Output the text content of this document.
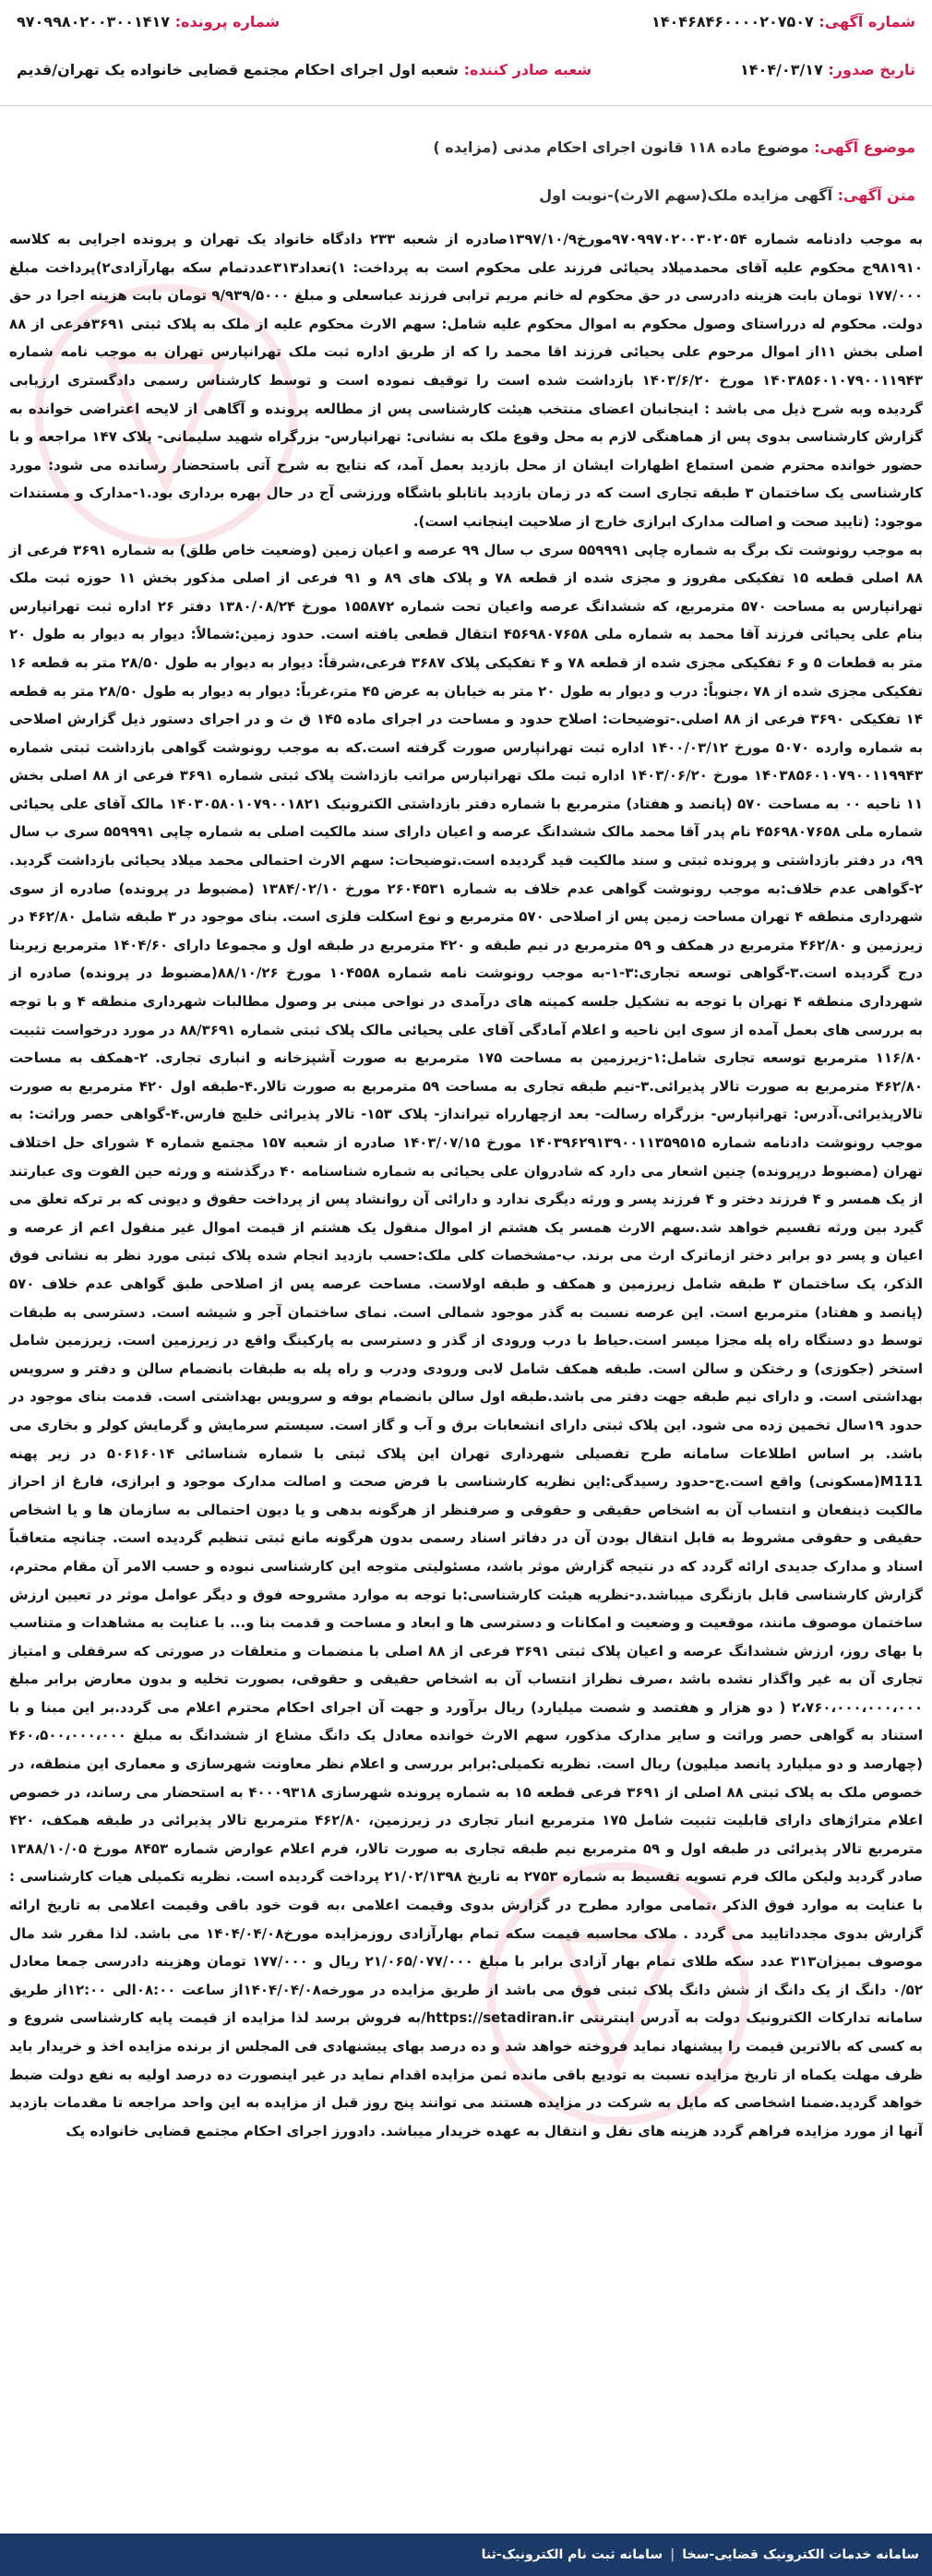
شماره آگهی: ۱۴۰۴۶۸۴۶۰۰۰۰۲۰۷۵۰۷
شماره پرونده: ۹۷۰۹۹۸۰۲۰۰۳۰۰۱۴۱۷
تاریخ صدور: ۱۴۰۴/۰۳/۱۷
شعبه صادر کننده: شعبه اول اجرای احکام مجتمع قضایی خانواده یک تهران/قدیم
موضوع آگهی: موضوع ماده ۱۱۸ قانون اجرای احکام مدنی (مزایده )
متن آگهی: آگهی مزایده ملک(سهم الارث)-نوبت اول

به موجب دادنامه شماره ۹۷۰۹۹۷۰۲۰۰۳۰۲۰۵۴مورخ۱۳۹۷/۱۰/۹صادره از شعبه ۲۳۳ دادگاه خانواد یک تهران و پرونده اجرایی به کلاسه ۹۸۱۹۱۰ج محکوم علیه آقای محمدمیلاد یحیائی فرزند علی محکوم است به پرداخت: ۱)تعداد۳۱۳عددتمام سکه بهارآزادی۲)پرداخت مبلغ ۱۷۷/۰۰۰ تومان بابت هزینه دادرسی در حق محکوم له خانم مریم ترابی فرزند عباسعلی و مبلغ ۹/۹۳۹/۵۰۰۰ تومان بابت هزینه اجرا در حق دولت. محکوم له درراستای وصول محکوم به اموال محکوم علیه شامل: سهم الارث محکوم علیه از ملک به پلاک ثبتی ۳۶۹۱فرعی از ۸۸ اصلی بخش ۱۱از اموال مرحوم علی یحیائی فرزند اقا محمد را که از طریق اداره ثبت ملک تهرانپارس تهران به موجب نامه شماره ۱۴۰۳۸۵۶۰۱۰۷۹۰۰۱۱۹۴۳ مورخ ۱۴۰۳/۶/۲۰ بازداشت شده است را توقیف نموده است و توسط کارشناس رسمی دادگستری ارزیابی گردیده وبه شرح ذیل می باشد : اینجانبان اعضای منتخب هیئت کارشناسی پس از مطالعه پرونده و آگاهی از لایحه اعتراضی خوانده به گزارش کارشناسی بدوی پس از هماهنگی لازم به محل وقوع ملک به نشانی: تهرانپارس- بزرگراه شهید سلیمانی- پلاک ۱۴۷ مراجعه و با حضور خوانده محترم ضمن استماع اظهارات ایشان از محل بازدید بعمل آمد، که نتایج به شرح آتی باستحضار رسانده می شود: مورد کارشناسی یک ساختمان ۳ طبقه تجاری است که در زمان بازدید باتابلو باشگاه ورزشی آج در حال بهره برداری بود.۱-مدارک و مستندات موجود: (تایید صحت و اصالت مدارک ابرازی خارج از صلاحیت اینجانب است).

به موجب رونوشت تک برگ به شماره چاپی ۵۵۹۹۹۱ سری ب سال ۹۹ عرصه و اعیان زمین (وضعیت خاص طلق) به شماره ۳۶۹۱ فرعی از ۸۸ اصلی قطعه ۱۵ تفکیکی مفروز و مجزی شده از قطعه ۷۸ و پلاک های ۸۹ و ۹۱ فرعی از اصلی مذکور بخش ۱۱ حوزه ثبت ملک تهرانپارس به مساحت ۵۷۰ مترمربع، که ششدانگ عرصه واعیان تحت شماره ۱۵۵۸۷۲ مورخ ۱۳۸۰/۰۸/۲۴ دفتر ۲۶ اداره ثبت تهرانپارس بنام علی یحیائی فرزند آقا محمد به شماره ملی ۴۵۶۹۸۰۷۶۵۸ انتقال قطعی یافته است. حدود زمین:شمالاً: دیوار به دیوار به طول ۲۰ متر به قطعات ۵ و ۶ تفکیکی مجزی شده از قطعه ۷۸ و ۴ تفکیکی پلاک ۳۶۸۷ فرعی،شرقاً: دیوار به دیوار به طول ۲۸/۵۰ متر به قطعه ۱۶ تفکیکی مجزی شده از ۷۸ ،جنوباً: درب و دیوار به طول ۲۰ متر به خیابان به عرض ۴۵ متر،غرباً: دیوار به دیوار به طول ۲۸/۵۰ متر به قطعه ۱۴ تفکیکی ۳۶۹۰ فرعی از ۸۸ اصلی.-توضیحات: اصلاح حدود و مساحت در اجرای ماده ۱۴۵ ق ث و در اجرای دستور ذیل گزارش اصلاحی به شماره وارده ۵۰۷۰ مورخ ۱۴۰۰/۰۳/۱۲ اداره ثبت تهرانپارس صورت گرفته است.که به موجب رونوشت گواهی بازداشت ثبتی شماره ۱۴۰۳۸۵۶۰۱۰۷۹۰۰۱۱۹۹۴۳ مورخ ۱۴۰۳/۰۶/۲۰ اداره ثبت ملک تهرانپارس مراتب بازداشت پلاک ثبتی شماره ۳۶۹۱ فرعی از ۸۸ اصلی بخش ۱۱ ناحیه ۰۰ به مساحت ۵۷۰ (پانصد و هفتاد) مترمربع با شماره دفتر بازداشتی الکترونیک ۱۴۰۳۰۵۸۰۱۰۷۹۰۰۱۸۲۱ مالک آقای علی یحیائی شماره ملی ۴۵۶۹۸۰۷۶۵۸ نام پدر آقا محمد مالک ششدانگ عرصه و اعیان دارای سند مالکیت اصلی به شماره چاپی ۵۵۹۹۹۱ سری ب سال ۹۹، در دفتر بازداشتی و پرونده ثبتی و سند مالکیت قید گردیده است.توضیحات: سهم الارث احتمالی محمد میلاد یحیائی بازداشت گردید. ۲-گواهی عدم خلاف:به موجب رونوشت گواهی عدم خلاف به شماره ۲۶۰۴۵۳۱ مورخ ۱۳۸۴/۰۲/۱۰ (مضبوط در پرونده) صادره از سوی شهرداری منطقه ۴ تهران مساحت زمین پس از اصلاحی ۵۷۰ مترمربع و نوع اسکلت فلزی است. بنای موجود در ۳ طبقه شامل ۴۶۲/۸۰ در زیرزمین و ۴۶۲/۸۰ مترمربع در همکف و ۵۹ مترمربع در نیم طبقه و ۴۲۰ مترمربع در طبقه اول و مجموعا دارای ۱۴۰۴/۶۰ مترمربع زیربنا درج گردیده است.۳-گواهی توسعه تجاری:۳-۱-به موجب رونوشت نامه شماره ۱۰۴۵۵۸ مورخ ۸۸/۱۰/۲۶(مضبوط در پرونده) صادره از شهرداری منطقه ۴ تهران با توجه به تشکیل جلسه کمیته های درآمدی در نواحی مبنی بر وصول مطالبات شهرداری منطقه ۴ و با توجه به بررسی های بعمل آمده از سوی این ناحیه و اعلام آمادگی آقای علی یحیائی مالک پلاک ثبتی شماره ۸۸/۳۶۹۱ در مورد درخواست تثبیت ۱۱۶/۸۰ مترمربع توسعه تجاری شامل:۱-زیرزمین به مساحت ۱۷۵ مترمربع به صورت آشپزخانه و انباری تجاری. ۲-همکف به مساحت ۴۶۲/۸۰ مترمربع به صورت تالار پذیرائی.۳-نیم طبقه تجاری به مساحت ۵۹ مترمربع به صورت تالار.۴-طبقه اول ۴۲۰ مترمربع به صورت تالارپذیرائی.آدرس: تهرانپارس- بزرگراه رسالت- بعد ازچهارراه تیرانداز- پلاک ۱۵۳- تالار پذیرائی خلیج فارس.۴-گواهی حصر وراثت: به موجب رونوشت دادنامه شماره ۱۴۰۳۹۶۲۹۱۳۹۰۰۱۱۳۵۹۵۱۵ مورخ ۱۴۰۳/۰۷/۱۵ صادره از شعبه ۱۵۷ مجتمع شماره ۴ شورای حل اختلاف تهران (مضبوط درپرونده) چنین اشعار می دارد که شادروان علی یحیائی به شماره شناسنامه ۴۰ درگذشته و ورثه حین الفوت وی عبارتند از یک همسر و ۴ فرزند دختر و ۴ فرزند پسر و ورثه دیگری ندارد و دارائی آن روانشاد پس از پرداخت حقوق و دیونی که بر ترکه تعلق می گیرد بین ورثه تقسیم خواهد شد.سهم الارث همسر یک هشتم از اموال منقول یک هشتم از قیمت اموال غیر منقول اعم از عرصه و اعیان و پسر دو برابر دختر ازماترک ارث می برند. ب-مشخصات کلی ملک:حسب بازدید انجام شده پلاک ثبتی مورد نظر به نشانی فوق الذکر، یک ساختمان ۳ طبقه شامل زیرزمین و همکف و طبقه اولاست. مساحت عرصه پس از اصلاحی طبق گواهی عدم خلاف ۵۷۰ (پانصد و هفتاد) مترمربع است. این عرصه نسبت به گذر موجود شمالی است. نمای ساختمان آجر و شیشه است. دسترسی به طبقات توسط دو دستگاه راه پله مجزا میسر است.حیاط با درب ورودی از گذر و دسترسی به پارکینگ واقع در زیرزمین است. زیرزمین شامل استخر (جکوزی) و رختکن و سالن است. طبقه همکف شامل لابی ورودی ودرب و راه پله به طبقات بانضمام سالن و دفتر و سرویس بهداشتی است. و دارای نیم طبقه جهت دفتر می باشد.طبقه اول سالن بانضمام بوفه و سرویس بهداشتی است. قدمت بنای موجود در حدود ۱۹سال تخمین زده می شود. این پلاک ثبتی دارای انشعابات برق و آب و گاز است. سیستم سرمایش و گرمایش کولر و بخاری می باشد. بر اساس اطلاعات سامانه طرح تفصیلی شهرداری تهران این پلاک ثبتی با شماره شناسائی ۵۰۶۱۶۰۱۴ در زیر پهنه M111(مسکونی) واقع است.ج-حدود رسیدگی:این نظریه کارشناسی با فرض صحت و اصالت مدارک موجود و ابرازی، فارغ از احراز مالکیت ذینفعان و انتساب آن به اشخاص حقیقی و حقوقی و صرفنظر از هرگونه بدهی و یا دیون احتمالی به سازمان ها و یا اشخاص حقیقی و حقوقی مشروط به قابل انتقال بودن آن در دفاتر اسناد رسمی بدون هرگونه مانع ثبتی تنظیم گردیده است. چنانچه متعاقباً اسناد و مدارک جدیدی ارائه گردد که در نتیجه گزارش موثر باشد، مسئولیتی متوجه این کارشناسی نبوده و حسب الامر آن مقام محترم، گزارش کارشناسی قابل بازنگری میباشد.د-نظریه هیئت کارشناسی:با توجه به موارد مشروحه فوق و دیگر عوامل موثر در تعیین ارزش ساختمان موصوف مانند، موقعیت و وضعیت و امکانات و دسترسی ها و ابعاد و مساحت و قدمت بنا و... با عنایت به مشاهدات و متناسب با بهای روز، ارزش ششدانگ عرصه و اعیان پلاک ثبتی ۳۶۹۱ فرعی از ۸۸ اصلی با منضمات و متعلقات در صورتی که سرقفلی و امتیاز تجاری آن به غیر واگذار نشده باشد ،صرف نظراز انتساب آن به اشخاص حقیقی و حقوقی، بصورت تخلیه و بدون معارض برابر مبلغ ۲،۷۶۰،۰۰۰،۰۰۰،۰۰۰ ( دو هزار و هفتصد و شصت میلیارد) ریال برآورد و جهت آن اجرای احکام محترم اعلام می گردد.بر این مبنا و با استناد به گواهی حصر وراثت و سایر مدارک مذکور، سهم الارث خوانده معادل یک دانگ مشاع از ششدانگ به مبلغ ۴۶۰،۵۰۰،۰۰۰،۰۰۰ (چهارصد و دو میلیارد پانصد میلیون) ریال است. نظریه تکمیلی:برابر بررسی و اعلام نظر معاونت شهرسازی و معماری این منطقه، در خصوص ملک به پلاک ثبتی ۸۸ اصلی از ۳۶۹۱ فرعی قطعه ۱۵ به شماره پرونده شهرسازی ۴۰۰۰۹۳۱۸ به استحضار می رساند، در خصوص اعلام متراژهای دارای قابلیت تثبیت شامل ۱۷۵ مترمربع انبار تجاری در زیرزمین، ۴۶۲/۸۰ مترمربع تالار پذیرائی در طبقه همکف، ۴۲۰ مترمربع تالار پذیرائی در طبقه اول و ۵۹ مترمربع نیم طبقه تجاری به صورت تالار، فرم اعلام عوارض شماره ۸۴۵۳ مورخ ۱۳۸۸/۱۰/۰۵ صادر گردید ولیکن مالک فرم تسویه تقسیط به شماره ۲۷۵۳ به تاریخ ۲۱/۰۲/۱۳۹۸ پرداخت گردیده است. نظریه تکمیلی هیات کارشناسی : با عنایت به موارد فوق الذکر ،تمامی موارد مطرح در گزارش بدوی وقیمت اعلامی ،به قوت خود باقی وقیمت اعلامی به تاریخ ارائه گزارش بدوی مجدداتایید می گردد . ملاک محاسبه قیمت سکه تمام بهارآزادی روزمزایده مورخ۱۴۰۴/۰۴/۰۸ می باشد. لذا مقرر شد مال موصوف بمیزان۳۱۳ عدد سکه طلای تمام بهار آزادی برابر با مبلغ ۲۱/۰۶۵/۰۷۷/۰۰۰ ریال و ۱۷۷/۰۰۰ تومان وهزینه دادرسی جمعا معادل ۰/۵۲ دانگ از یک دانگ از شش دانگ پلاک ثبتی فوق می باشد از طریق مزایده در مورخه۱۴۰۴/۰۴/۰۸از ساعت ۰۸:۰۰الی ۱۲:۰۰از طریق سامانه تدارکات الکترونیک دولت به آدرس اینترنتی https://setadiran.ir/به فروش برسد لذا مزایده از قیمت پایه کارشناسی شروع و به کسی که بالاترین قیمت را پیشنهاد نماید فروخته خواهد شد و ده درصد بهای پیشنهادی فی المجلس از برنده مزایده اخذ و خریدار باید ظرف مهلت یکماه از تاریخ مزایده نسبت به تودیع باقی مانده ثمن مزایده اقدام نماید در غیر اینصورت ده درصد اولیه به نفع دولت ضبط خواهد گردید.ضمنا اشخاصی که مایل به شرکت در مزایده هستند می توانند پنج روز قبل از مزایده به این واحد مراجعه تا مقدمات بازدید آنها از مورد مزایده فراهم گردد هزینه های نقل و انتقال به عهده خریدار میباشد. دادورز اجرای احکام مجتمع قضایی خانواده یک

سامانه خدمات الکترونیک قضایی-سخا
|
سامانه ثبت نام الکترونیک-ثنا
